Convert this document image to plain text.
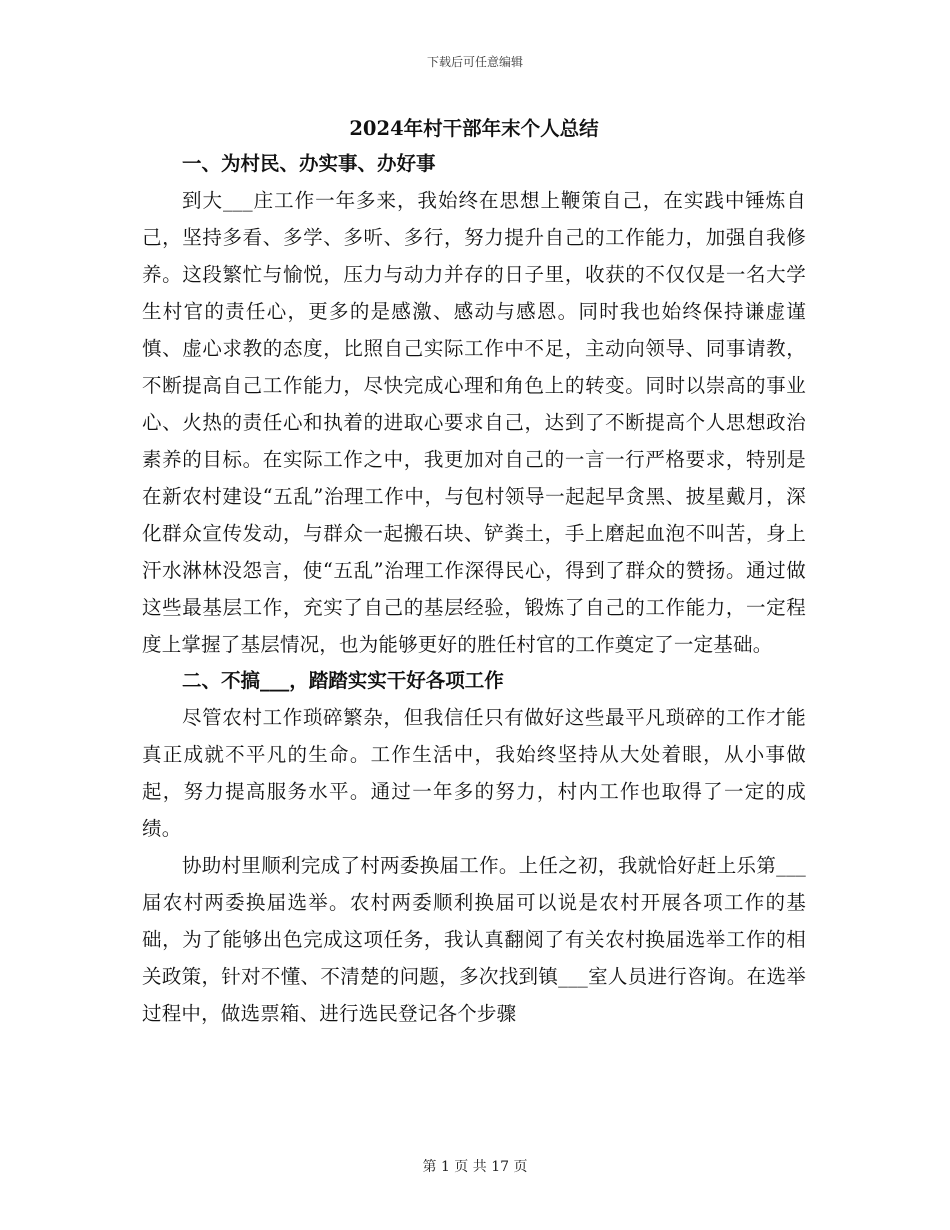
下载后可任意编辑
2024年村干部年末个人总结
一、为村民、办实事、办好事

到大___庄工作一年多来，我始终在思想上鞭策自己，在实践中锤炼自己，坚持多看、多学、多听、多行，努力提升自己的工作能力，加强自我修养。这段繁忙与愉悦，压力与动力并存的日子里，收获的不仅仅是一名大学生村官的责任心，更多的是感激、感动与感恩。同时我也始终保持谦虚谨慎、虚心求教的态度，比照自己实际工作中不足，主动向领导、同事请教，不断提高自己工作能力，尽快完成心理和角色上的转变。同时以崇高的事业心、火热的责任心和执着的进取心要求自己，达到了不断提高个人思想政治素养的目标。在实际工作之中，我更加对自己的一言一行严格要求，特别是在新农村建设“五乱”治理工作中，与包村领导一起起早贪黑、披星戴月，深化群众宣传发动，与群众一起搬石块、铲粪土，手上磨起血泡不叫苦，身上汗水淋林没怨言，使“五乱”治理工作深得民心，得到了群众的赞扬。通过做这些最基层工作，充实了自己的基层经验，锻炼了自己的工作能力，一定程度上掌握了基层情况，也为能够更好的胜任村官的工作奠定了一定基础。

二、不搞___，踏踏实实干好各项工作

尽管农村工作琐碎繁杂，但我信任只有做好这些最平凡琐碎的工作才能真正成就不平凡的生命。工作生活中，我始终坚持从大处着眼，从小事做起，努力提高服务水平。通过一年多的努力，村内工作也取得了一定的成绩。

协助村里顺利完成了村两委换届工作。上任之初，我就恰好赶上乐第___届农村两委换届选举。农村两委顺利换届可以说是农村开展各项工作的基础，为了能够出色完成这项任务，我认真翻阅了有关农村换届选举工作的相关政策，针对不懂、不清楚的问题，多次找到镇___室人员进行咨询。在选举过程中，做选票箱、进行选民登记各个步骤

第 1 页 共 17 页
